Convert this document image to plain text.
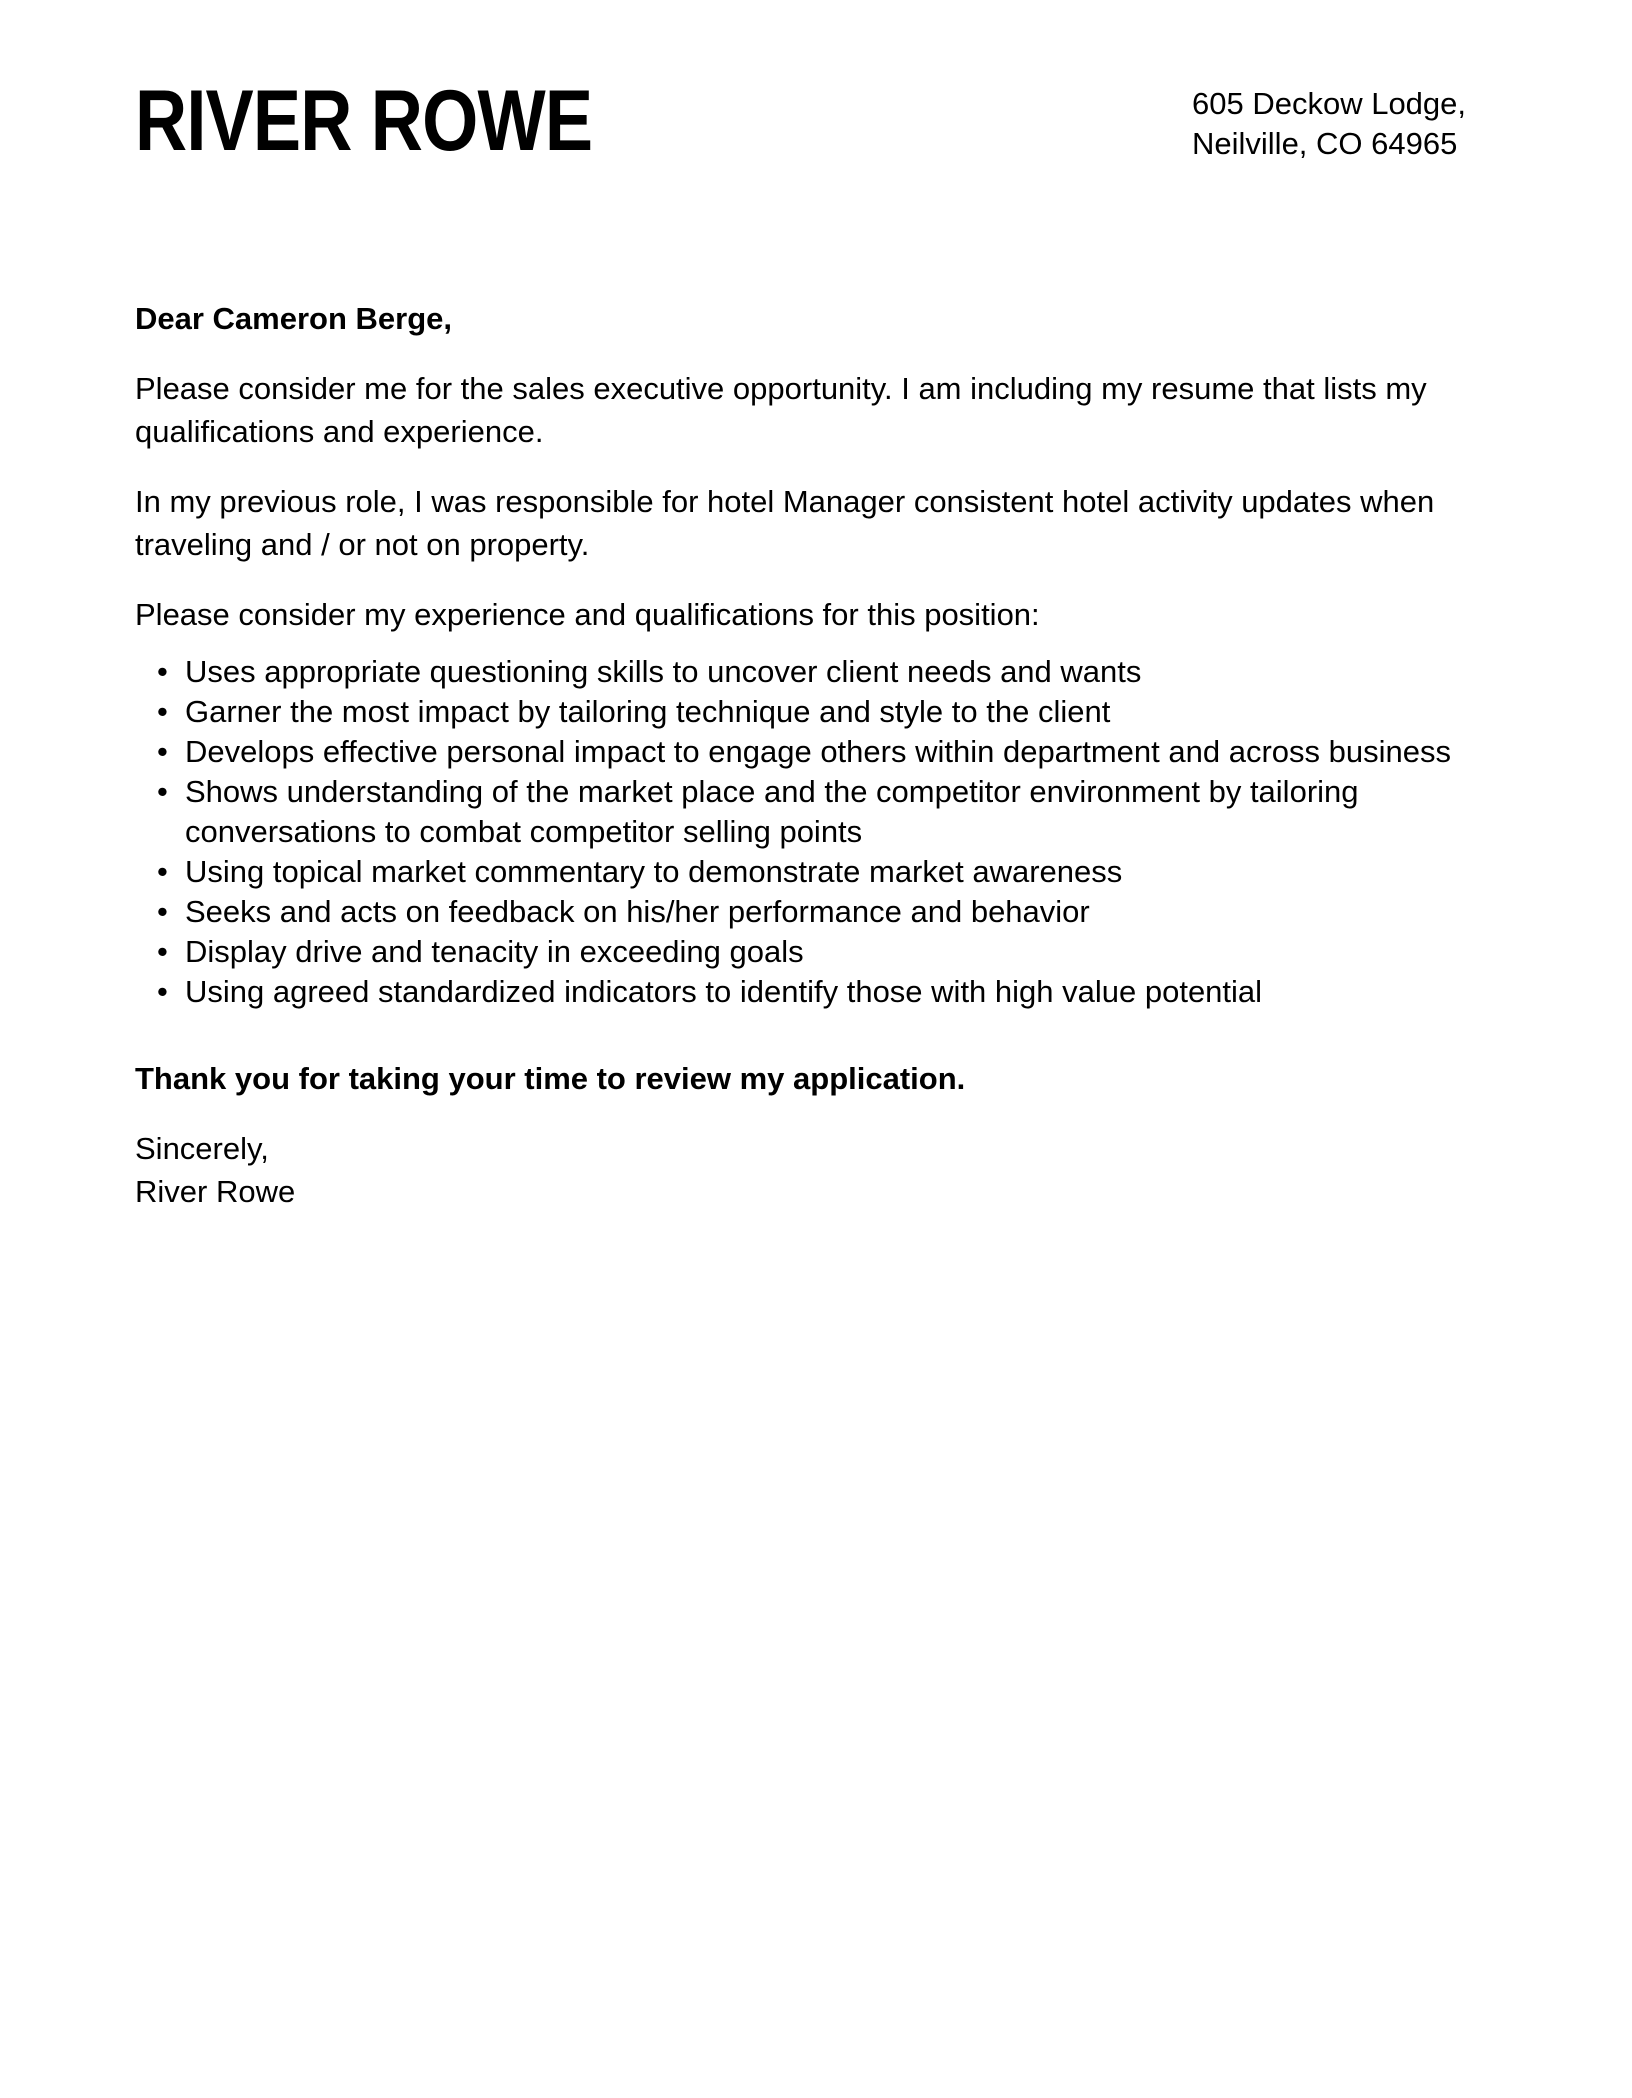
RIVER ROWE	605 Deckow Lodge,
Neilville, CO 64965

Dear Cameron Berge,

Please consider me for the sales executive opportunity. I am including my resume that lists my qualifications and experience.

In my previous role, I was responsible for hotel Manager consistent hotel activity updates when traveling and / or not on property.

Please consider my experience and qualifications for this position:

• Uses appropriate questioning skills to uncover client needs and wants
• Garner the most impact by tailoring technique and style to the client
• Develops effective personal impact to engage others within department and across business
• Shows understanding of the market place and the competitor environment by tailoring conversations to combat competitor selling points
• Using topical market commentary to demonstrate market awareness
• Seeks and acts on feedback on his/her performance and behavior
• Display drive and tenacity in exceeding goals
• Using agreed standardized indicators to identify those with high value potential

Thank you for taking your time to review my application.

Sincerely,
River Rowe
